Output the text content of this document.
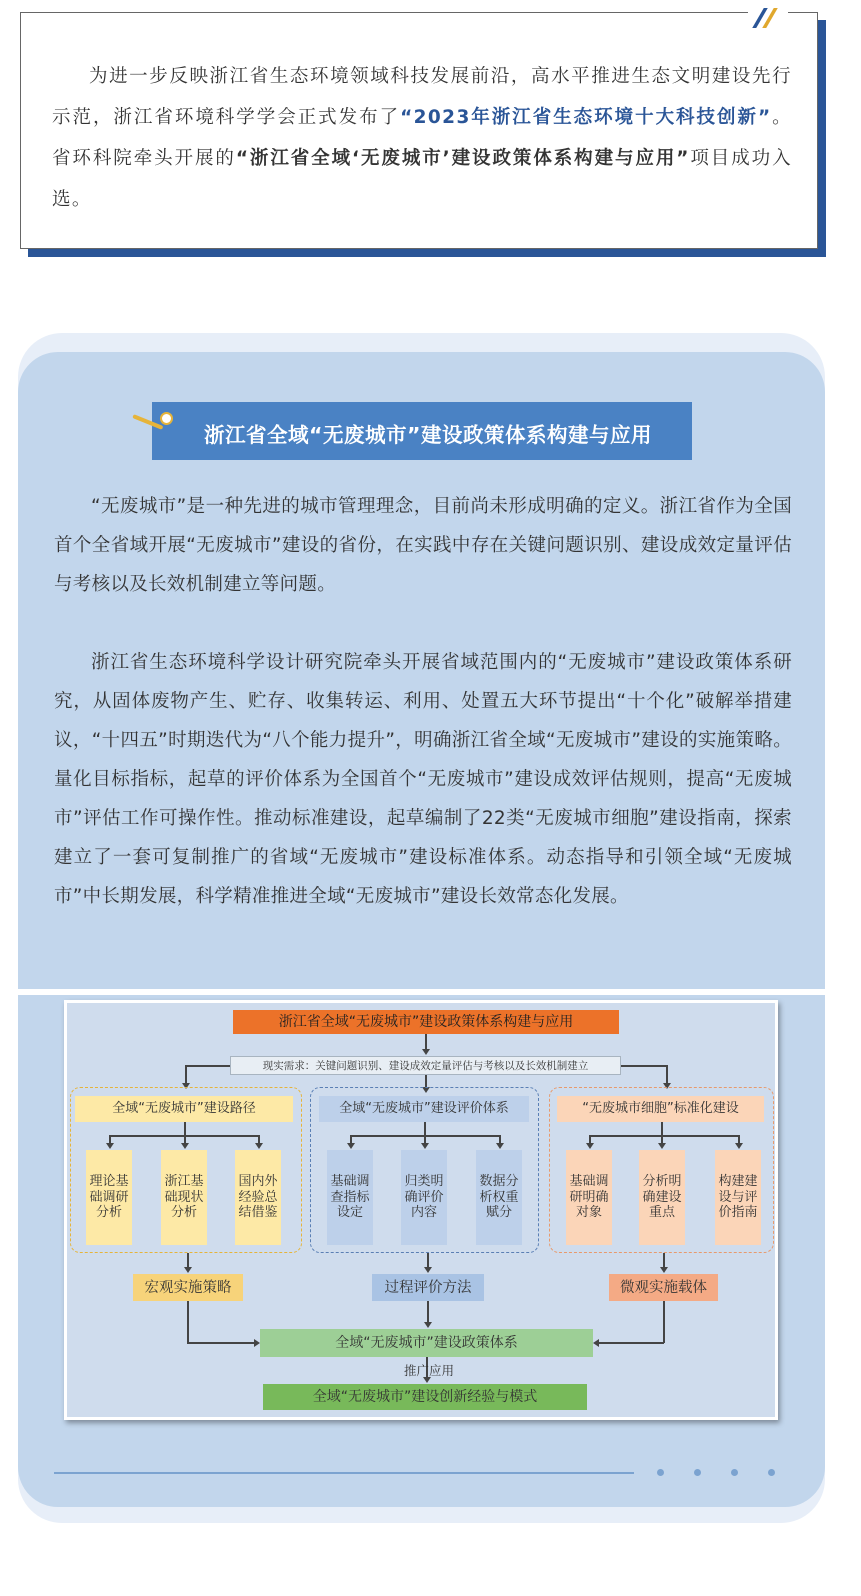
为进一步反映浙江省生态环境领域科技发展前沿，高水平推进生态文明建设先行示范，浙江省环境科学学会正式发布了“2023年浙江省生态环境十大科技创新”。省环科院牵头开展的“浙江省全域‘无废城市’建设政策体系构建与应用”项目成功入选。

浙江省全域“无废城市”建设政策体系构建与应用

“无废城市”是一种先进的城市管理理念，目前尚未形成明确的定义。浙江省作为全国首个全省域开展“无废城市”建设的省份，在实践中存在关键问题识别、建设成效定量评估与考核以及长效机制建立等问题。

浙江省生态环境科学设计研究院牵头开展省域范围内的“无废城市”建设政策体系研究，从固体废物产生、贮存、收集转运、利用、处置五大环节提出“十个化”破解举措建议，“十四五”时期迭代为“八个能力提升”，明确浙江省全域“无废城市”建设的实施策略。量化目标指标，起草的评价体系为全国首个“无废城市”建设成效评估规则，提高“无废城市”评估工作可操作性。推动标准建设，起草编制了22类“无废城市细胞”建设指南，探索建立了一套可复制推广的省域“无废城市”建设标准体系。动态指导和引领全域“无废城市”中长期发展，科学精准推进全域“无废城市”建设长效常态化发展。

浙江省全域“无废城市”建设政策体系构建与应用
现实需求：关键问题识别、建设成效定量评估与考核以及长效机制建立
全域“无废城市”建设路径	全域“无废城市”建设评价体系	“无废城市细胞”标准化建设
理论基础调研分析
浙江基础现状分析
国内外经验总结借鉴
基础调查指标设定
归类明确评价内容
数据分析权重赋分
基础调研明确对象
分析明确建设重点
构建建设与评价指南
宏观实施策略	过程评价方法	微观实施载体
全域“无废城市”建设政策体系
推广应用
全域“无废城市”建设创新经验与模式
